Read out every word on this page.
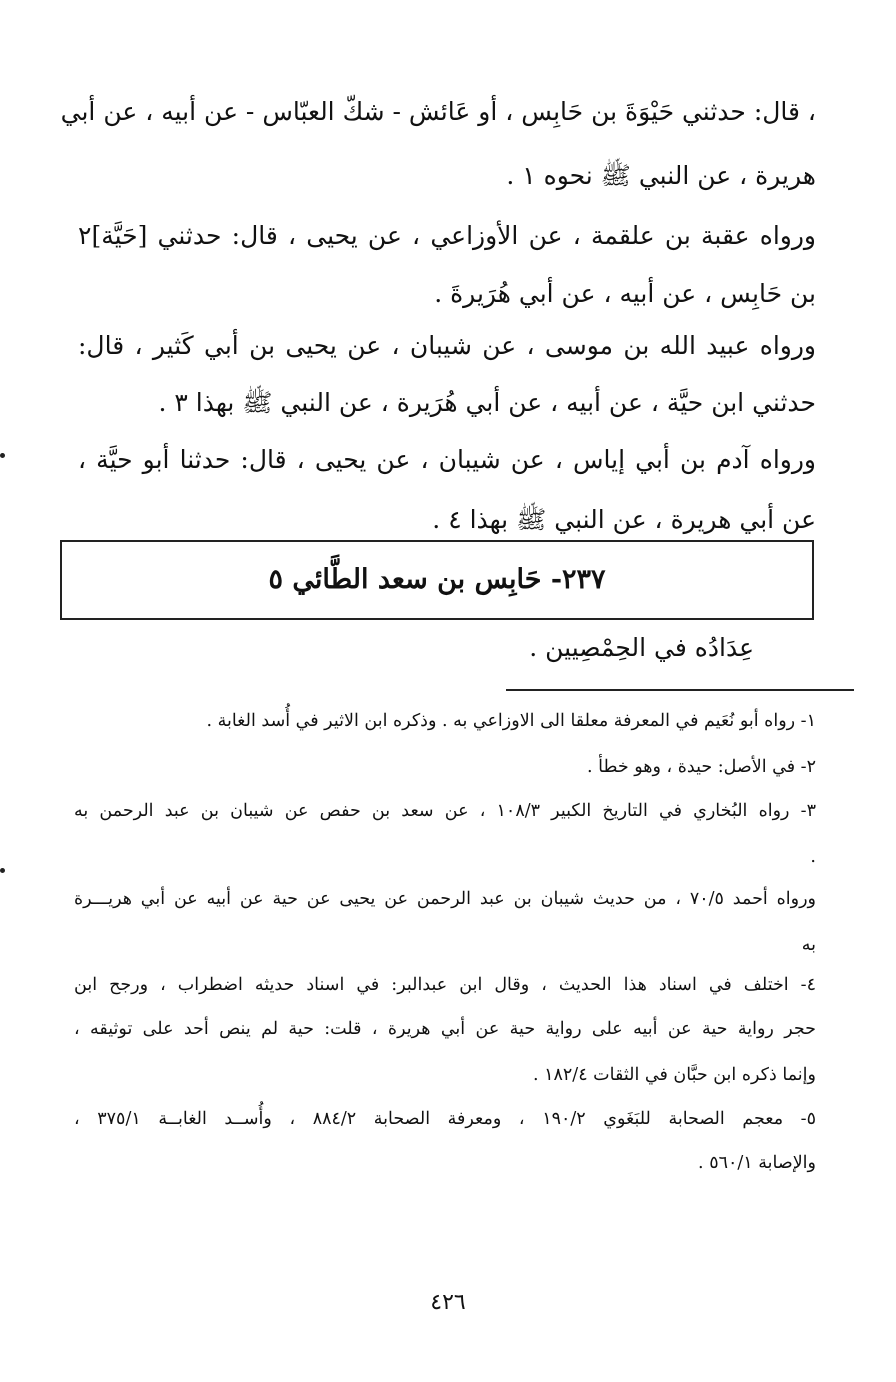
، قال: حدثني حَيْوَةَ بن حَابِس ، أو عَائش - شكّ العبّاس - عن أبيه ، عن أبي
هريرة ، عن النبي ﷺ نحوه ١ .
ورواه عقبة بن علقمة ، عن الأوزاعي ، عن يحيى ، قال: حدثني [حَيَّة]٢
بن حَابِس ، عن أبيه ، عن أبي هُرَيرةَ .
ورواه عبيد الله بن موسى ، عن شيبان ، عن يحيى بن أبي كَثير ، قال:
حدثني ابن حيَّة ، عن أبيه ، عن أبي هُرَيرة ، عن النبي ﷺ بهذا ٣ .
ورواه آدم بن أبي إياس ، عن شيبان ، عن يحيى ، قال: حدثنا أبو حيَّة ،
عن أبي هريرة ، عن النبي ﷺ بهذا ٤ .
٢٣٧- حَابِس بن سعد الطَّائي ٥
عِدَادُه في الحِمْصِيين .
١- رواه أبو نُعَيم في المعرفة معلقا الى الاوزاعي به . وذكره ابن الاثير في أُسد الغابة .
٢- في الأصل: حيدة ، وهو خطأ .
٣- رواه البُخاري في التاريخ الكبير ١٠٨/٣ ، عن سعد بن حفص عن شيبان بن عبد الرحمن به
.
ورواه أحمد ٧٠/٥ ، من حديث شيبان بن عبد الرحمن عن يحيى عن حية عن أبيه عن أبي هريـــرة
به
٤- اختلف في اسناد هذا الحديث ، وقال ابن عبدالبر: في اسناد حديثه اضطراب ، ورجح ابن
حجر رواية حية عن أبيه على رواية حية عن أبي هريرة ، قلت: حية لم ينص أحد على توثيقه ،
وإنما ذكره ابن حبَّان في الثقات ١٨٢/٤ .
٥- معجم الصحابة للبَغَوي ١٩٠/٢ ، ومعرفة الصحابة ٨٨٤/٢ ، وأُســد الغابــة ٣٧٥/١ ،
والإصابة ٥٦٠/١ .
٤٢٦
